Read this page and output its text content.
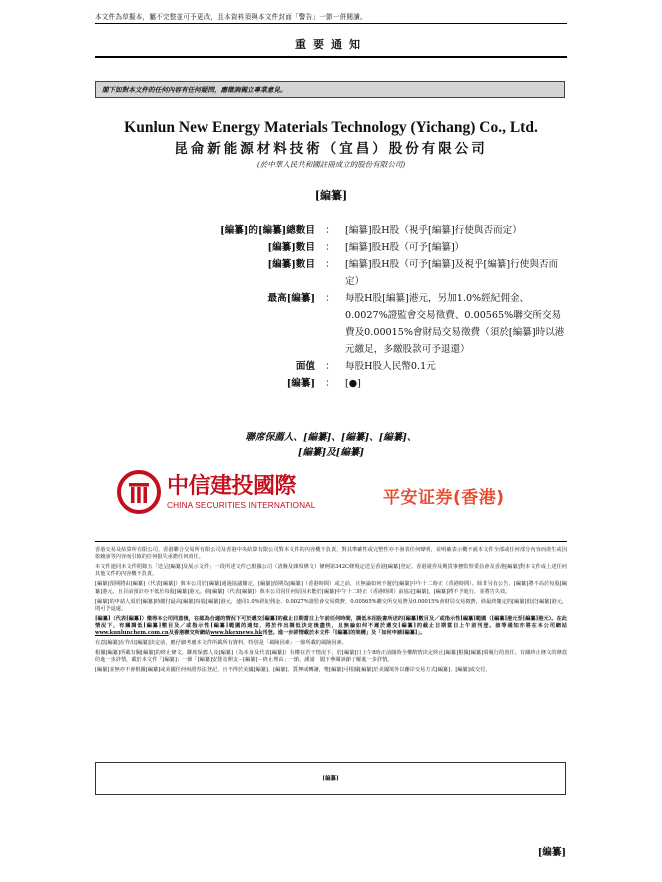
本文件為草擬本，屬不完整並可予更改，且本資料須與本文件封面「警告」一節一併閱讀。
重要通知
閣下如對本文件的任何內容有任何疑問，應徵詢獨立專業意見。
Kunlun New Energy Materials Technology (Yichang) Co., Ltd.
昆侖新能源材料技術（宜昌）股份有限公司
(於中華人民共和國註冊成立的股份有限公司)
[編纂]
[編纂]的[編纂]總數目	：	[編纂]股H股（視乎[編纂]行使與否而定）
[編纂]數目	：	[編纂]股H股（可予[編纂]）
[編纂]數目	：	[編纂]股H股（可予[編纂]及視乎[編纂]行使與否而定）
最高[編纂]	：	每股H股[編纂]港元，另加1.0%經紀佣金、0.0027%證監會交易徵費、0.00565%聯交所交易費及0.00015%會財局交易徵費（須於[編纂]時以港元繳足，多繳股款可予退還）
面值	：	每股H股人民幣0.1元
[編纂]	：	[●]
聯席保薦人、[編纂]、[編纂]、[編纂]、
[編纂]及[編纂]
中信建投國際
CHINA SECURITIES INTERNATIONAL	平安证券(香港)

香港交易及結算所有限公司、香港聯合交易所有限公司及香港中央結算有限公司對本文件的內容概不負責，對其準確性或完整性亦不發表任何聲明，並明確表示概不就本文件全部或任何部分內容而產生或因依賴該等內容而引致的任何損失承擔任何責任。

本文件連同本文件附錄五「送呈[編纂]及展示文件」一段所述文件已根據公司（清盤及雜項條文）條例第342C條規定送呈香港[編纂]登記。香港證券及期貨事務監察委員會及香港[編纂]對本文件或上述任何其他文件的內容概不負責。

[編纂]預期將由[編纂]（代表[編纂]）與本公司於[編纂]通過協議釐定。[編纂]預期為[編纂]（香港時間）或之前，且無論如何不遲於[編纂]中午十二時正（香港時間）。除非另有公告，[編纂]將不高於每股[編纂]港元，且目前預計亦不低於每股[編纂]港元。倘[編纂]（代表[編纂]）與本公司因任何原因未能於[編纂]中午十二時正（香港時間）前協定[編纂]，[編纂]將不予進行，並將告失效。

[編纂]的申請人須於[編纂]時繳付最高[編纂]每股[編纂]港元，連同1.0%經紀佣金、0.0027%證監會交易徵費、0.00565%聯交所交易費及0.00015%會財局交易徵費，倘最終釐定的[編纂]低於[編纂]港元，則可予退還。

[編纂]（代表[編纂]）徵得本公司同意後，在認為合適的情況下可於遞交[編纂]的截止日期當日上午前任何時間，調低本招股書所述的[編纂]數目及／或指示性[編纂]範圍（[編纂]港元至[編纂]港元）。在此情況下，有關調低[編纂]數目及／或指示性[編纂]範圍的通知，將於作出調低決定後盡快，且無論如何不遲於遞交[編纂]的截止日期當日上午前刊登。該等通知亦將在本公司網站www.kunlunchem.com.cn及香港聯交所網站www.hkexnews.hk刊登。進一步詳情載於本文件「[編纂]的架構」及「如何申請[編纂]」。

有意[編纂]在作出[編纂]決定前，應仔細考慮本文件所載所有資料，特別是「風險因素」一節所載的風險因素。

根據[編纂]所載有關[編纂]的終止條文，聯席保薦人及[編纂]（為本身及代表[編纂]）有權在若干情況下，於[編纂]日上午8時正前隨時全權酌情決定終止[編纂]根據[編纂]須履行的責任。有關終止條文的條款的進一步詳情，載於本文件「[編纂]」一節「[編纂]安排及開支－[編纂]－終止理由」一節。謹請　閣下參閱該節了解進一步詳情。

[編纂]並無亦不會根據[編纂]或美國任何州證券法登記，且不得於美國[編纂]、[編纂]、質押或轉讓，惟[編纂]可根據[編纂]於美國境外以離岸交易方式[編纂]、[編纂]或交付。

[編纂]
[編纂]
